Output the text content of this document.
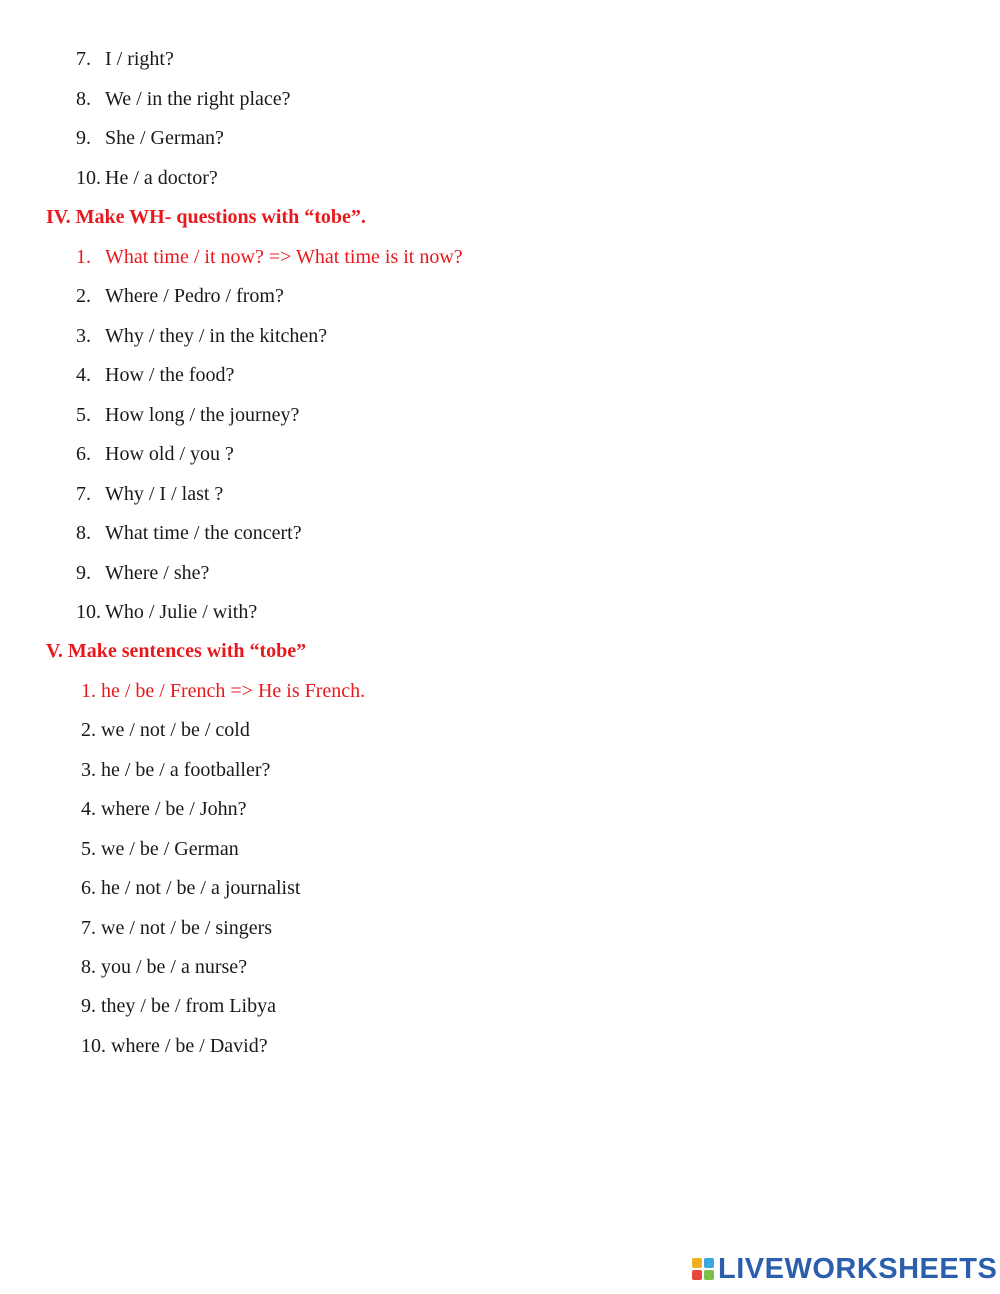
7. I / right?
8. We / in the right place?
9. She / German?
10. He / a doctor?
IV. Make WH- questions with “tobe”.
1. What time / it now? => What time is it now?
2. Where / Pedro / from?
3. Why / they / in the kitchen?
4. How / the food?
5. How long / the journey?
6. How old / you ?
7. Why / I / last ?
8. What time / the concert?
9. Where / she?
10. Who / Julie / with?
V. Make sentences with “tobe”
1. he / be / French => He is French.
2. we / not / be / cold
3. he / be / a footballer?
4. where / be / John?
5. we / be / German
6. he / not / be / a journalist
7. we / not / be / singers
8. you / be / a nurse?
9. they / be / from Libya
10. where / be / David?
LIVEWORKSHEETS
